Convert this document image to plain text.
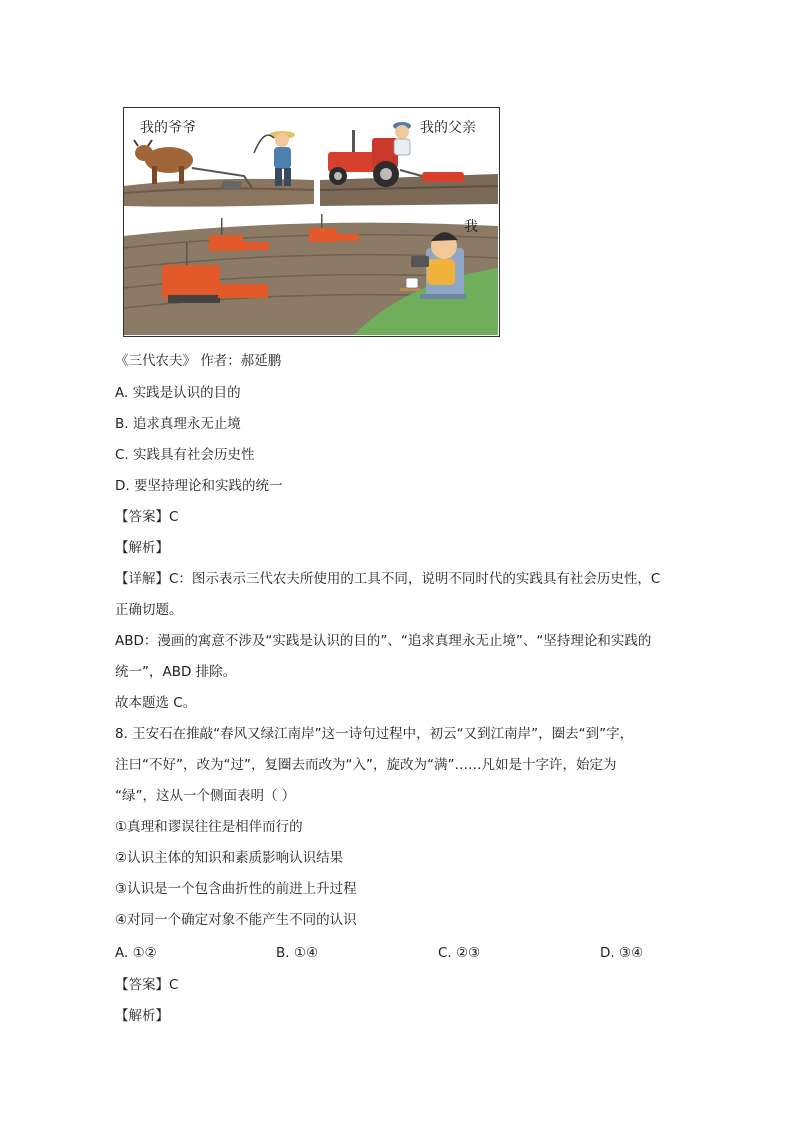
我的爷爷	我的父亲
我
《三代农夫》 作者：郝延鹏
A. 实践是认识的目的
B. 追求真理永无止境
C. 实践具有社会历史性
D. 要坚持理论和实践的统一
【答案】C
【解析】
【详解】C：图示表示三代农夫所使用的工具不同，说明不同时代的实践具有社会历史性，C
正确切题。
ABD：漫画的寓意不涉及“实践是认识的目的”、“追求真理永无止境”、“坚持理论和实践的
统一”，ABD 排除。
故本题选 C。
8. 王安石在推敲“春风又绿江南岸”这一诗句过程中，初云“又到江南岸”，圈去“到”字，
注曰“不好”，改为“过”，复圈去而改为“入”，旋改为“满”……凡如是十字许，始定为
“绿”，这从一个侧面表明（ ）
①真理和谬误往往是相伴而行的
②认识主体的知识和素质影响认识结果
③认识是一个包含曲折性的前进上升过程
④对同一个确定对象不能产生不同的认识
A. ①②	B. ①④	C. ②③	D. ③④
【答案】C
【解析】
